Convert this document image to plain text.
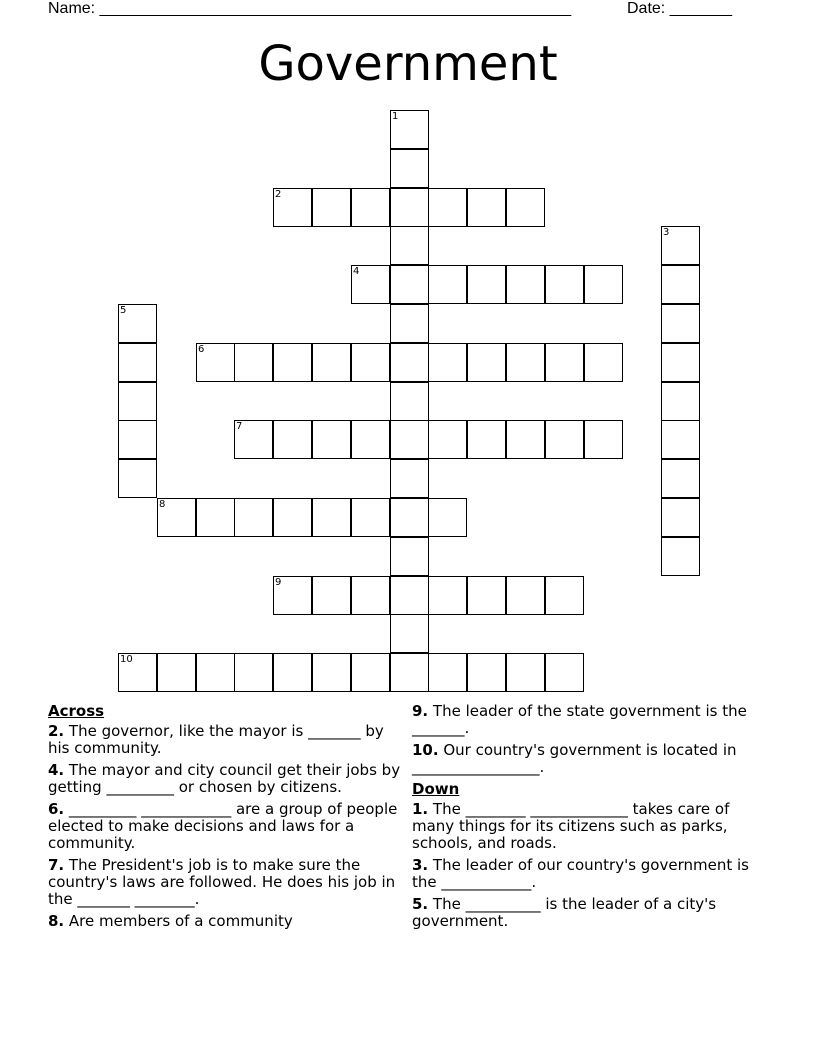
Name: _____________________________________________________	Date: _______
Government
1
2
3
4
5
6
7
8
9
10
Across
2. The governor, like the mayor is _______ by his community.
4. The mayor and city council get their jobs by getting _________ or chosen by citizens.
6. _________ ____________ are a group of people elected to make decisions and laws for a community.
7. The President's job is to make sure the country's laws are followed. He does his job in the _______ ________.
8. Are members of a community
9. The leader of the state government is the _______.
10. Our country's government is located in _________________.
Down
1. The ________ _____________ takes care of many things for its citizens such as parks, schools, and roads.
3. The leader of our country's government is the ____________.
5. The __________ is the leader of a city's government.
